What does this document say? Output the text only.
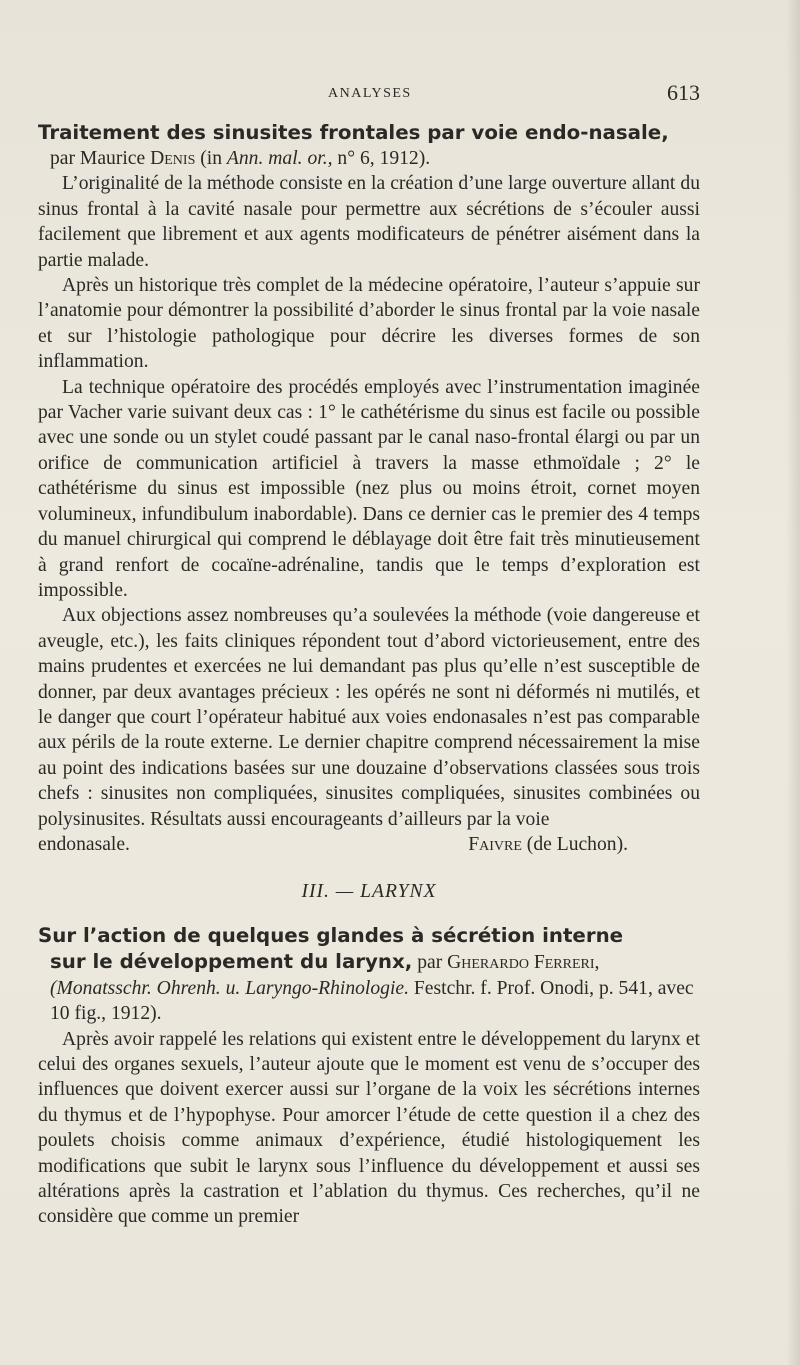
ANALYSES	613

Traitement des sinusites frontales par voie endo-nasale,

par Maurice Denis (in Ann. mal. or., n° 6, 1912).

L’originalité de la méthode consiste en la création d’une large ouverture allant du sinus frontal à la cavité nasale pour permettre aux sécrétions de s’écouler aussi facilement que librement et aux agents modificateurs de pénétrer aisément dans la partie malade.

Après un historique très complet de la médecine opératoire, l’auteur s’appuie sur l’anatomie pour démontrer la possibilité d’aborder le sinus frontal par la voie nasale et sur l’histologie pathologique pour décrire les diverses formes de son inflammation.

La technique opératoire des procédés employés avec l’instrumentation imaginée par Vacher varie suivant deux cas : 1° le cathétérisme du sinus est facile ou possible avec une sonde ou un stylet coudé passant par le canal naso-frontal élargi ou par un orifice de communication artificiel à travers la masse ethmoïdale ; 2° le cathétérisme du sinus est impossible (nez plus ou moins étroit, cornet moyen volumineux, infundibulum inabordable). Dans ce dernier cas le premier des 4 temps du manuel chirurgical qui comprend le déblayage doit être fait très minutieusement à grand renfort de cocaïne-adrénaline, tandis que le temps d’exploration est impossible.

Aux objections assez nombreuses qu’a soulevées la méthode (voie dangereuse et aveugle, etc.), les faits cliniques répondent tout d’abord victorieusement, entre des mains prudentes et exercées ne lui demandant pas plus qu’elle n’est susceptible de donner, par deux avantages précieux : les opérés ne sont ni déformés ni mutilés, et le danger que court l’opérateur habitué aux voies endonasales n’est pas comparable aux périls de la route externe. Le dernier chapitre comprend nécessairement la mise au point des indications basées sur une douzaine d’observations classées sous trois chefs : sinusites non compliquées, sinusites compliquées, sinusites combinées ou polysinusites. Résultats aussi encourageants d’ailleurs par la voie

endonasale.	Faivre (de Luchon).

III. — LARYNX

Sur l’action de quelques glandes à sécrétion interne
sur le développement du larynx, par Gherardo Ferreri,

(Monatsschr. Ohrenh. u. Laryngo-Rhinologie. Festchr. f. Prof. Onodi, p. 541, avec 10 fig., 1912).

Après avoir rappelé les relations qui existent entre le développement du larynx et celui des organes sexuels, l’auteur ajoute que le moment est venu de s’occuper des influences que doivent exercer aussi sur l’organe de la voix les sécrétions internes du thymus et de l’hypophyse. Pour amorcer l’étude de cette question il a chez des poulets choisis comme animaux d’expérience, étudié histologiquement les modifications que subit le larynx sous l’influence du développement et aussi ses altérations après la castration et l’ablation du thymus. Ces recherches, qu’il ne considère que comme un premier
